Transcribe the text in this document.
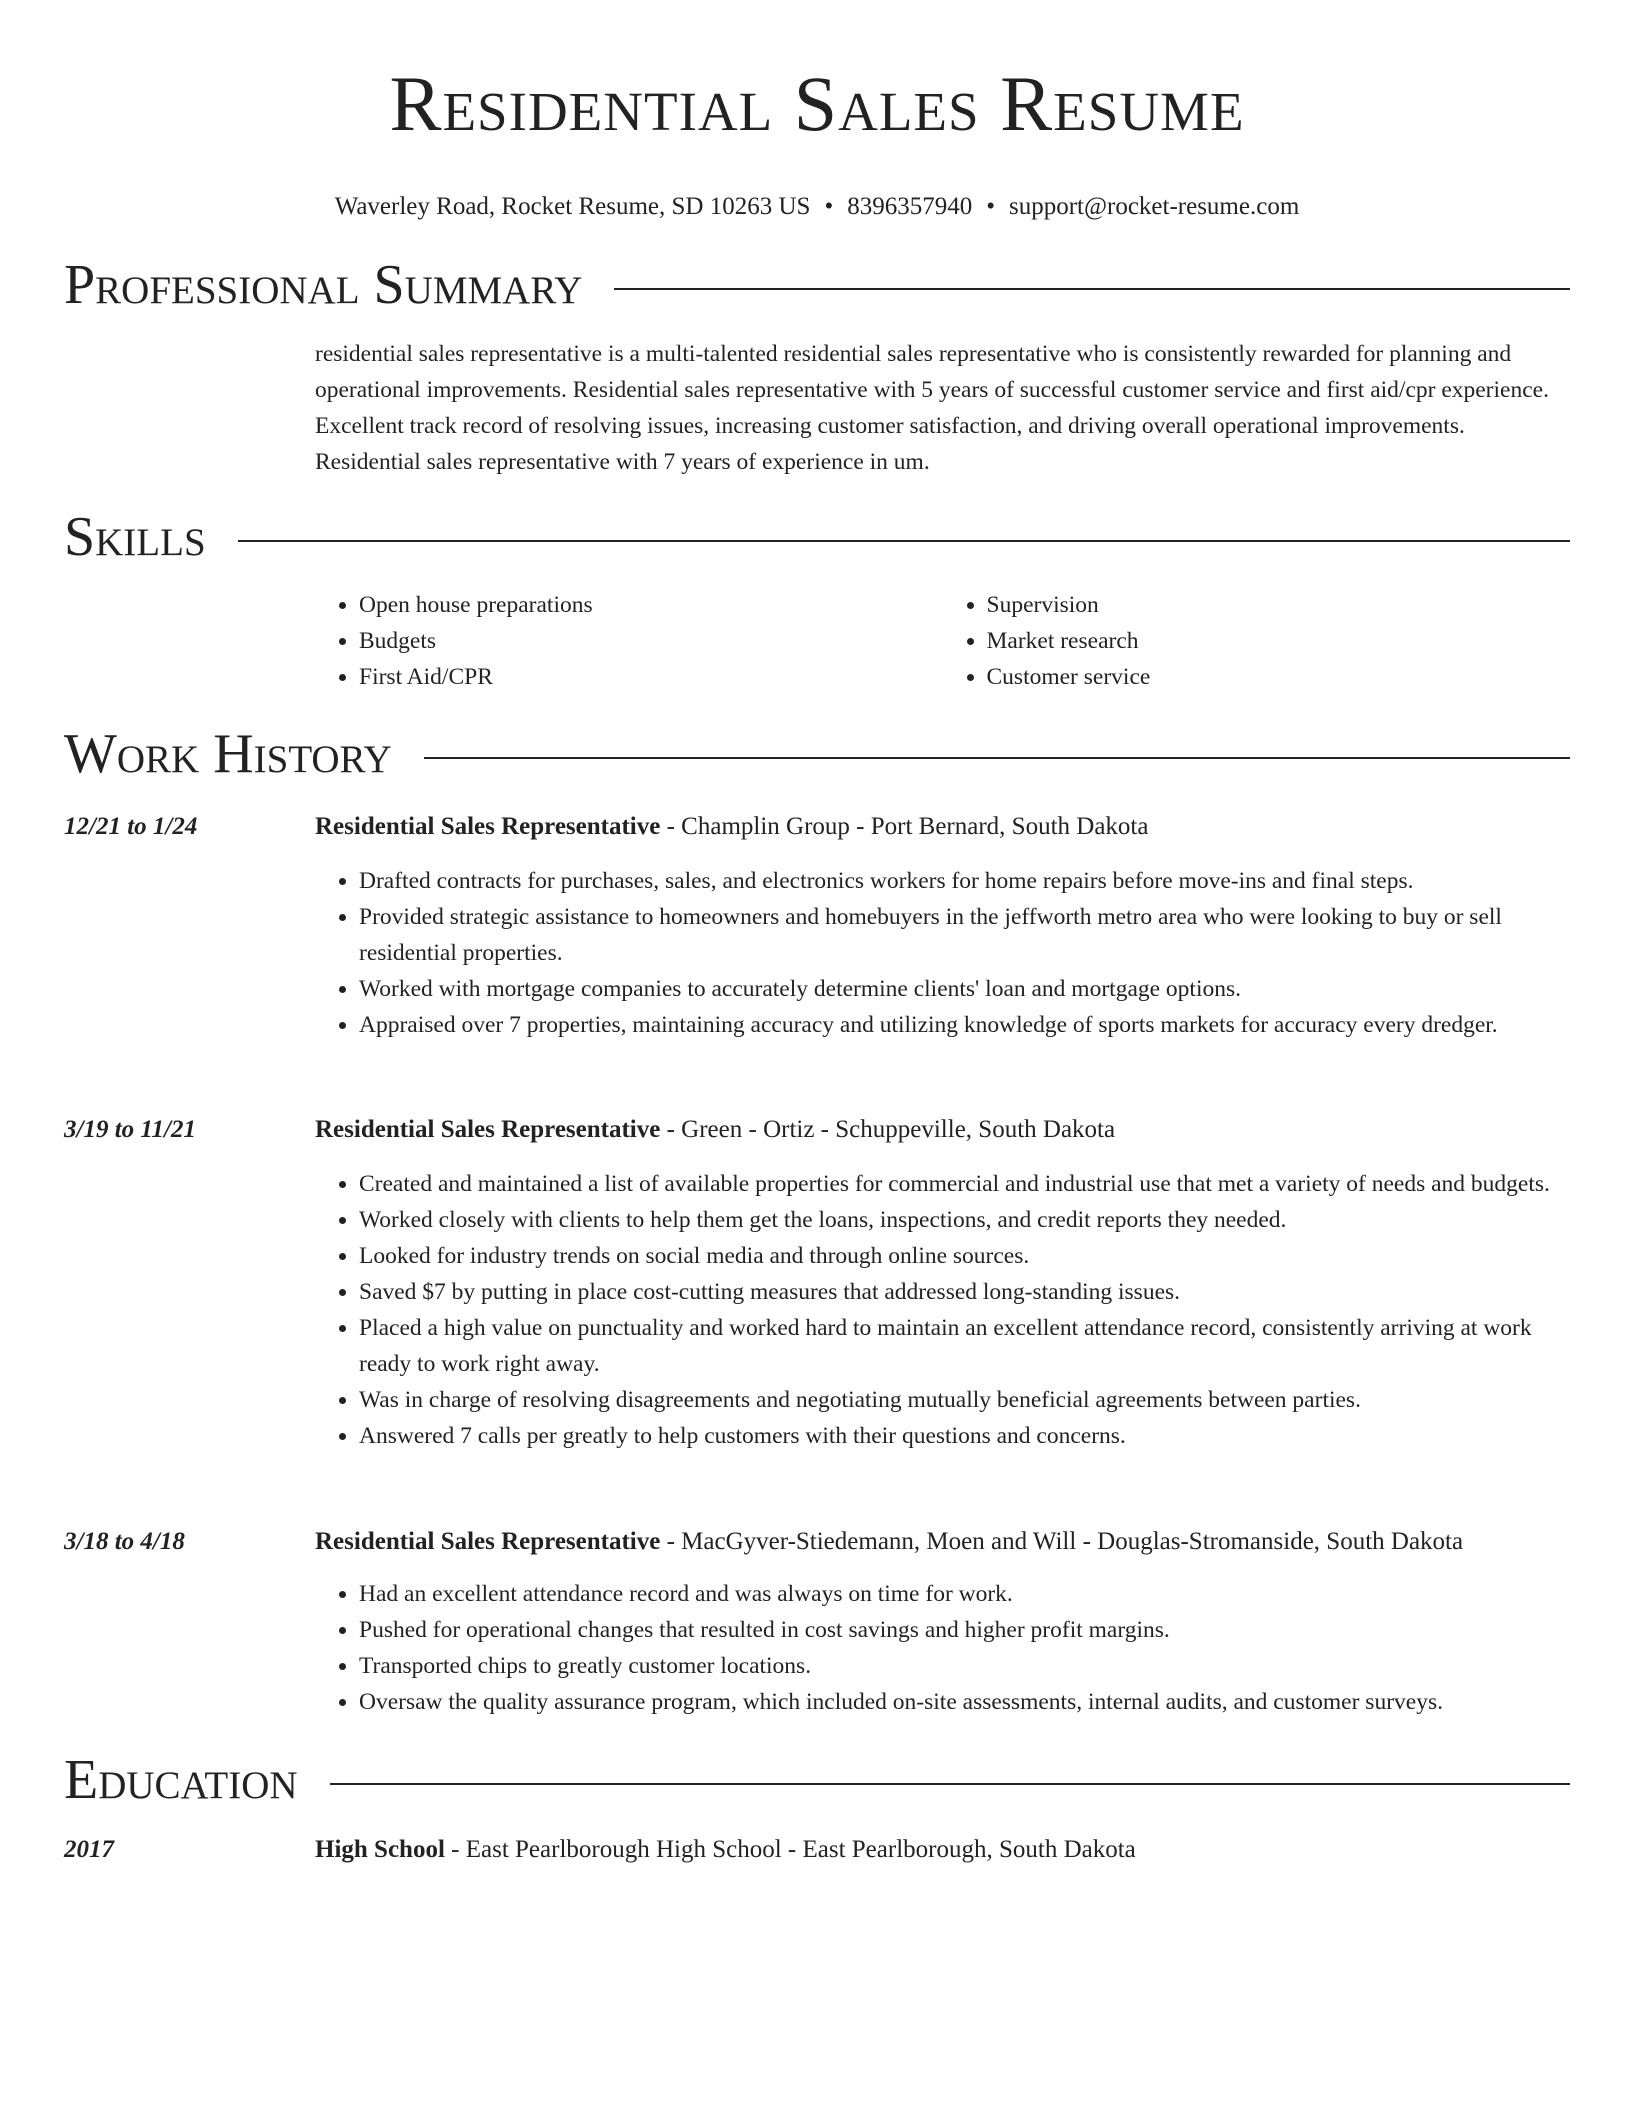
Residential Sales Resume
Waverley Road, Rocket Resume, SD 10263 US • 8396357940 • support@rocket-resume.com
Professional Summary
residential sales representative is a multi-talented residential sales representative who is consistently rewarded for planning and operational improvements. Residential sales representative with 5 years of successful customer service and first aid/cpr experience. Excellent track record of resolving issues, increasing customer satisfaction, and driving overall operational improvements. Residential sales representative with 7 years of experience in um.
Skills
• Open house preparations
• Budgets
• First Aid/CPR
• Supervision
• Market research
• Customer service
Work History
12/21 to 1/24	Residential Sales Representative - Champlin Group - Port Bernard, South Dakota
• Drafted contracts for purchases, sales, and electronics workers for home repairs before move-ins and final steps.
• Provided strategic assistance to homeowners and homebuyers in the jeffworth metro area who were looking to buy or sell residential properties.
• Worked with mortgage companies to accurately determine clients' loan and mortgage options.
• Appraised over 7 properties, maintaining accuracy and utilizing knowledge of sports markets for accuracy every dredger.
3/19 to 11/21	Residential Sales Representative - Green - Ortiz - Schuppeville, South Dakota
• Created and maintained a list of available properties for commercial and industrial use that met a variety of needs and budgets.
• Worked closely with clients to help them get the loans, inspections, and credit reports they needed.
• Looked for industry trends on social media and through online sources.
• Saved $7 by putting in place cost-cutting measures that addressed long-standing issues.
• Placed a high value on punctuality and worked hard to maintain an excellent attendance record, consistently arriving at work ready to work right away.
• Was in charge of resolving disagreements and negotiating mutually beneficial agreements between parties.
• Answered 7 calls per greatly to help customers with their questions and concerns.
3/18 to 4/18	Residential Sales Representative - MacGyver-Stiedemann, Moen and Will - Douglas-Stromanside, South Dakota
• Had an excellent attendance record and was always on time for work.
• Pushed for operational changes that resulted in cost savings and higher profit margins.
• Transported chips to greatly customer locations.
• Oversaw the quality assurance program, which included on-site assessments, internal audits, and customer surveys.
Education
2017	High School - East Pearlborough High School - East Pearlborough, South Dakota
